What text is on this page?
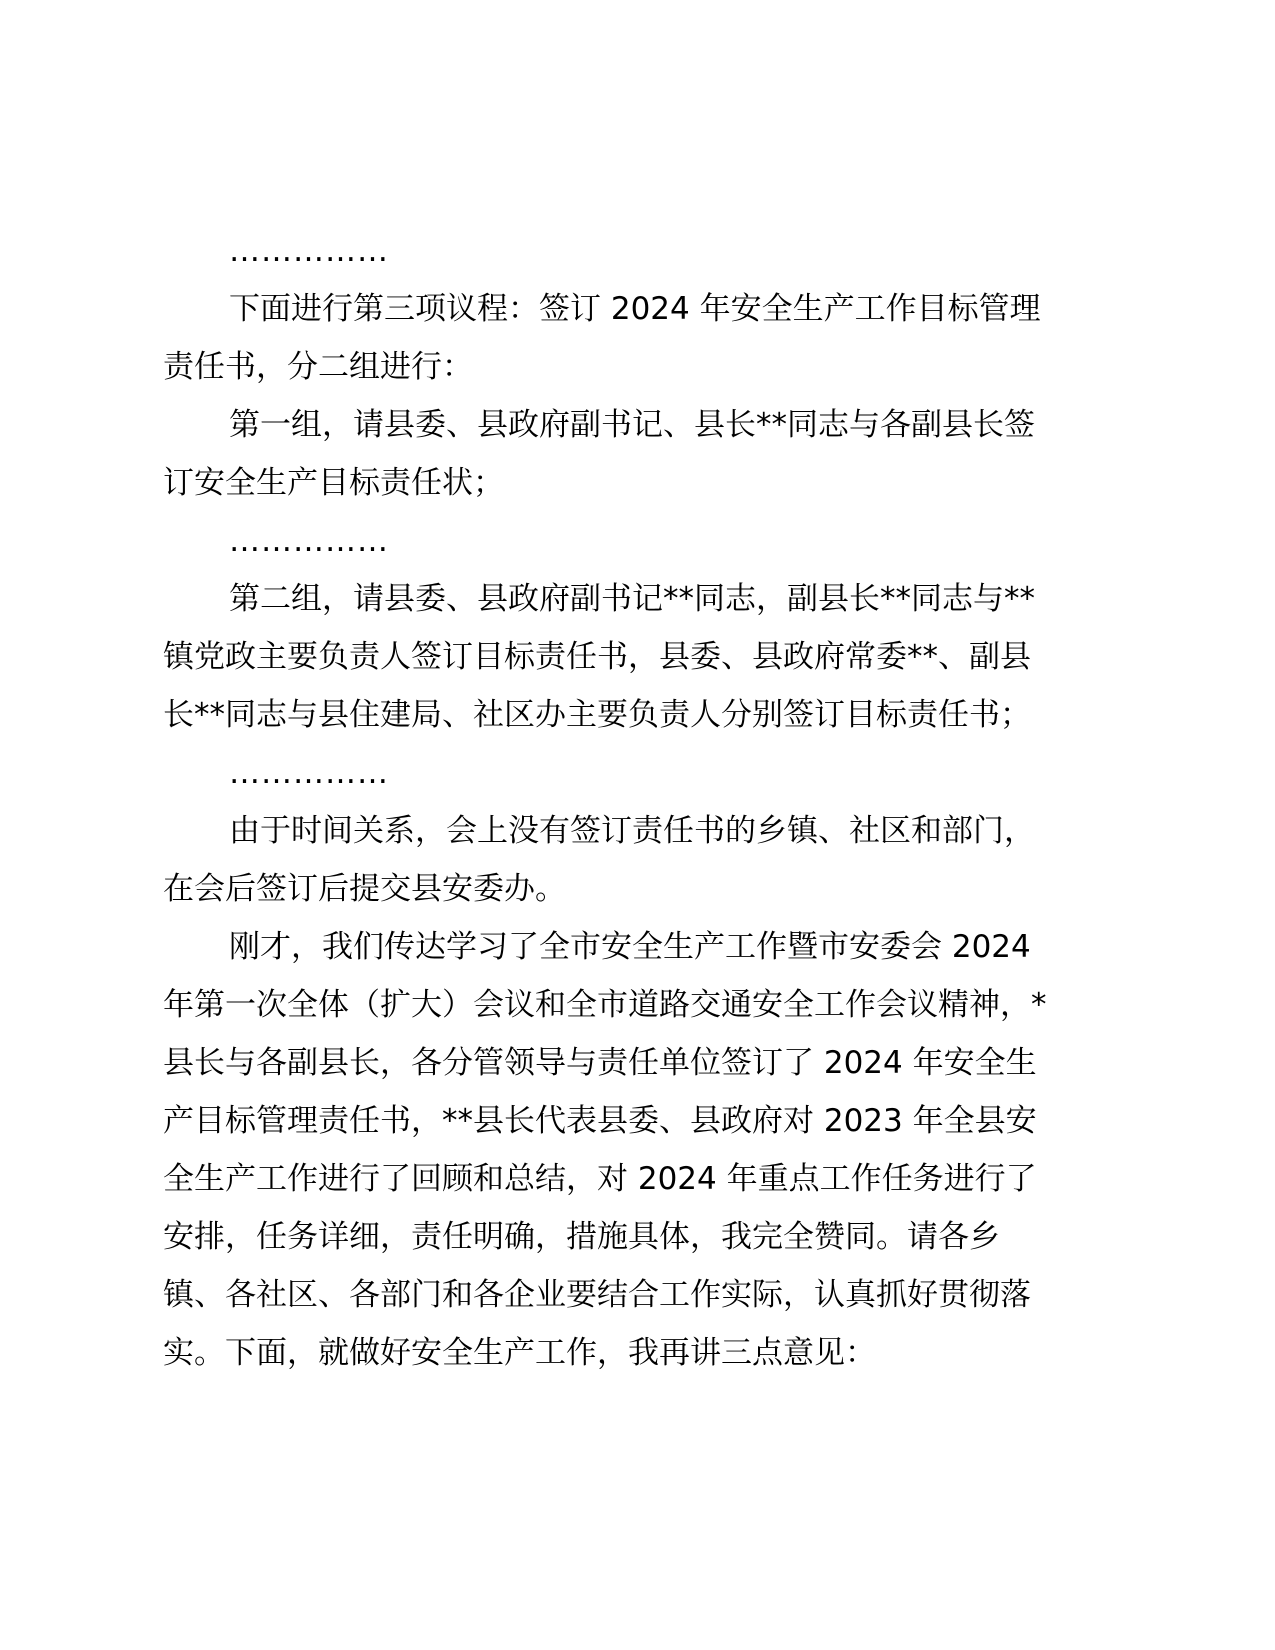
……………
下面进行第三项议程：签订 2024 年安全生产工作目标管理
责任书，分二组进行：
第一组，请县委、县政府副书记、县长**同志与各副县长签
订安全生产目标责任状；
……………
第二组，请县委、县政府副书记**同志，副县长**同志与**
镇党政主要负责人签订目标责任书，县委、县政府常委**、副县
长**同志与县住建局、社区办主要负责人分别签订目标责任书；
……………
由于时间关系，会上没有签订责任书的乡镇、社区和部门，
在会后签订后提交县安委办。
刚才，我们传达学习了全市安全生产工作暨市安委会 2024
年第一次全体（扩大）会议和全市道路交通安全工作会议精神，*
县长与各副县长，各分管领导与责任单位签订了 2024 年安全生
产目标管理责任书，**县长代表县委、县政府对 2023 年全县安
全生产工作进行了回顾和总结，对 2024 年重点工作任务进行了
安排，任务详细，责任明确，措施具体，我完全赞同。请各乡
镇、各社区、各部门和各企业要结合工作实际，认真抓好贯彻落
实。下面，就做好安全生产工作，我再讲三点意见：
